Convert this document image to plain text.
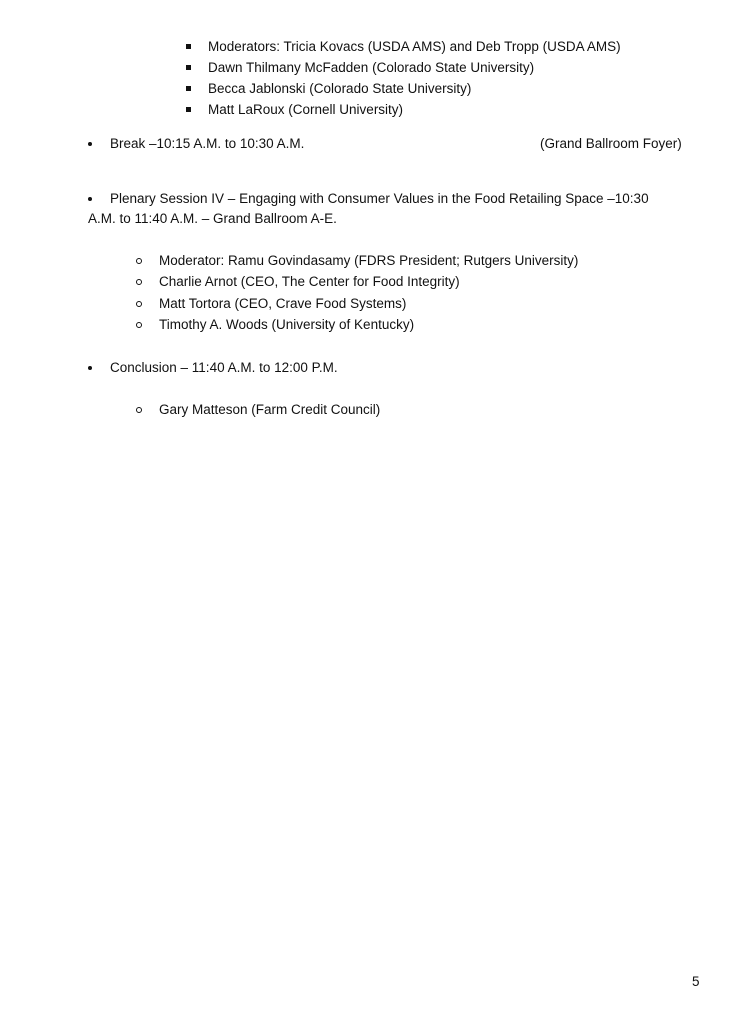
Moderators: Tricia Kovacs (USDA AMS) and Deb Tropp (USDA AMS)
Dawn Thilmany McFadden (Colorado State University)
Becca Jablonski (Colorado State University)
Matt LaRoux (Cornell University)
Break –10:15 A.M. to 10:30 A.M.	(Grand Ballroom Foyer)
Plenary Session IV – Engaging with Consumer Values in the Food Retailing Space –10:30
A.M. to 11:40 A.M. – Grand Ballroom A-E.
Moderator: Ramu Govindasamy (FDRS President; Rutgers University)
Charlie Arnot (CEO, The Center for Food Integrity)
Matt Tortora (CEO, Crave Food Systems)
Timothy A. Woods (University of Kentucky)
Conclusion – 11:40 A.M. to 12:00 P.M.
Gary Matteson (Farm Credit Council)
5
